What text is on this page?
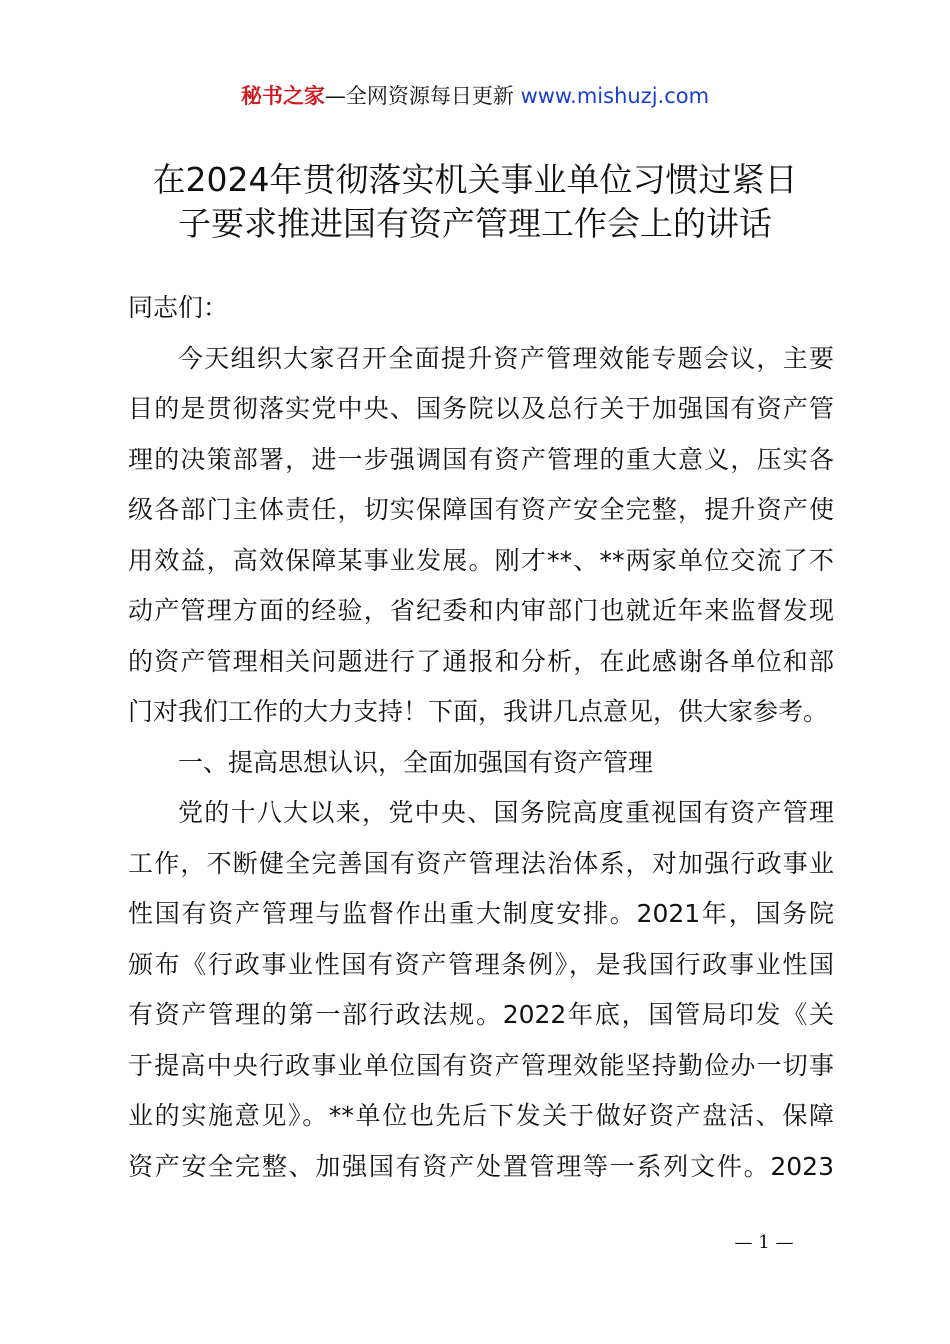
秘书之家—全网资源每日更新 www.mishuzj.com
在2024年贯彻落实机关事业单位习惯过紧日
子要求推进国有资产管理工作会上的讲话

同志们：

今天组织大家召开全面提升资产管理效能专题会议，主要
目的是贯彻落实党中央、国务院以及总行关于加强国有资产管
理的决策部署，进一步强调国有资产管理的重大意义，压实各
级各部门主体责任，切实保障国有资产安全完整，提升资产使
用效益，高效保障某事业发展。刚才**、**两家单位交流了不
动产管理方面的经验，省纪委和内审部门也就近年来监督发现
的资产管理相关问题进行了通报和分析，在此感谢各单位和部
门对我们工作的大力支持！下面，我讲几点意见，供大家参考。

一、提高思想认识，全面加强国有资产管理

党的十八大以来，党中央、国务院高度重视国有资产管理
工作，不断健全完善国有资产管理法治体系，对加强行政事业
性国有资产管理与监督作出重大制度安排。2021年，国务院
颁布《行政事业性国有资产管理条例》，是我国行政事业性国
有资产管理的第一部行政法规。2022年底，国管局印发《关
于提高中央行政事业单位国有资产管理效能坚持勤俭办一切事
业的实施意见》。**单位也先后下发关于做好资产盘活、保障
资产安全完整、加强国有资产处置管理等一系列文件。2023

— 1 —
